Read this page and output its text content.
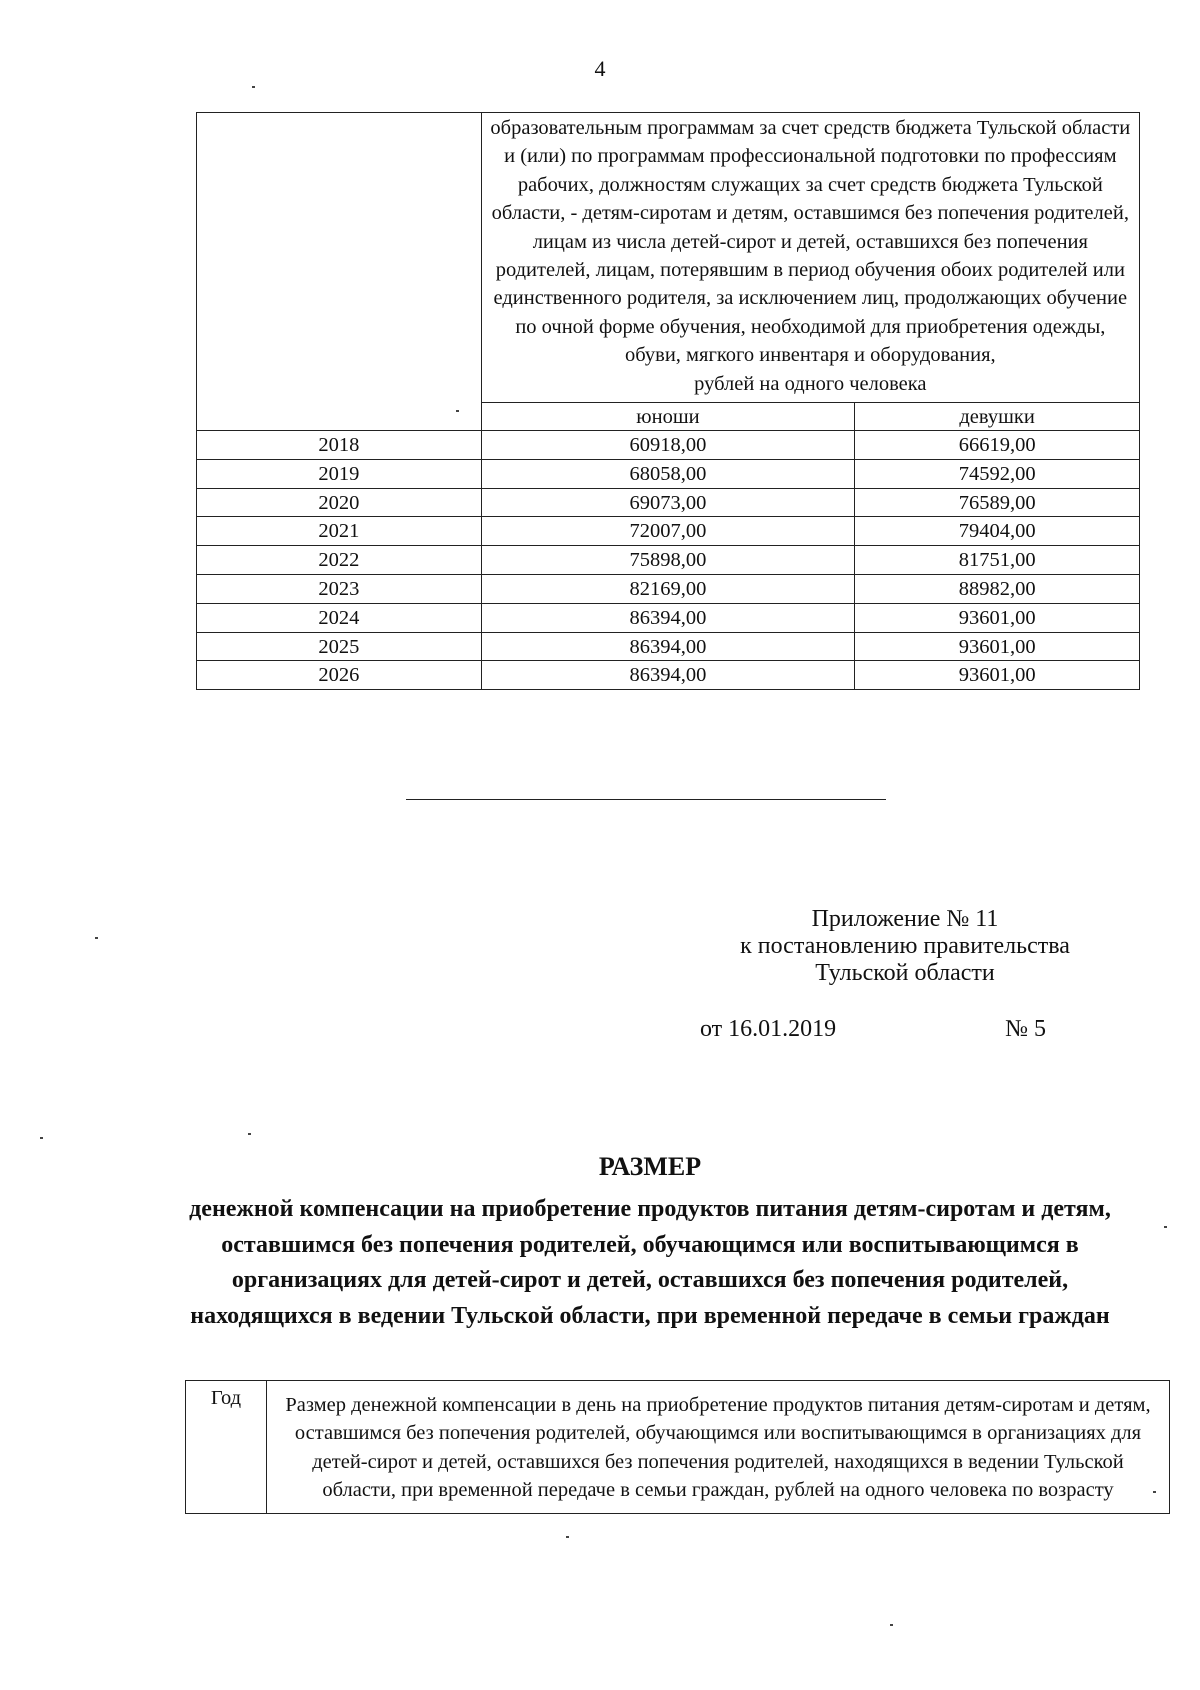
4
	образовательным программам за счет средств бюджета Тульской области и (или) по программам профессиональной подготовки по профессиям рабочих, должностям служащих за счет средств бюджета Тульской области, - детям-сиротам и детям, оставшимся без попечения родителей, лицам из числа детей-сирот и детей, оставшихся без попечения родителей, лицам, потерявшим в период обучения обоих родителей или единственного родителя, за исключением лиц, продолжающих обучение по очной форме обучения, необходимой для приобретения одежды, обуви, мягкого инвентаря и оборудования,
рублей на одного человека	
	юноши	девушки
2018	60918,00	66619,00
2019	68058,00	74592,00
2020	69073,00	76589,00
2021	72007,00	79404,00
2022	75898,00	81751,00
2023	82169,00	88982,00
2024	86394,00	93601,00
2025	86394,00	93601,00
2026	86394,00	93601,00
Приложение № 11
к постановлению правительства
Тульской области
от 16.01.2019	№ 5
РАЗМЕР
денежной компенсации на приобретение продуктов питания детям-сиротам и детям, оставшимся без попечения родителей, обучающимся или воспитывающимся в организациях для детей-сирот и детей, оставшихся без попечения родителей, находящихся в ведении Тульской области, при временной передаче в семьи граждан
Год	Размер денежной компенсации в день на приобретение продуктов питания детям-сиротам и детям, оставшимся без попечения родителей, обучающимся или воспитывающимся в организациях для детей-сирот и детей, оставшихся без попечения родителей, находящихся в ведении Тульской области, при временной передаче в семьи граждан, рублей на одного человека по возрасту
